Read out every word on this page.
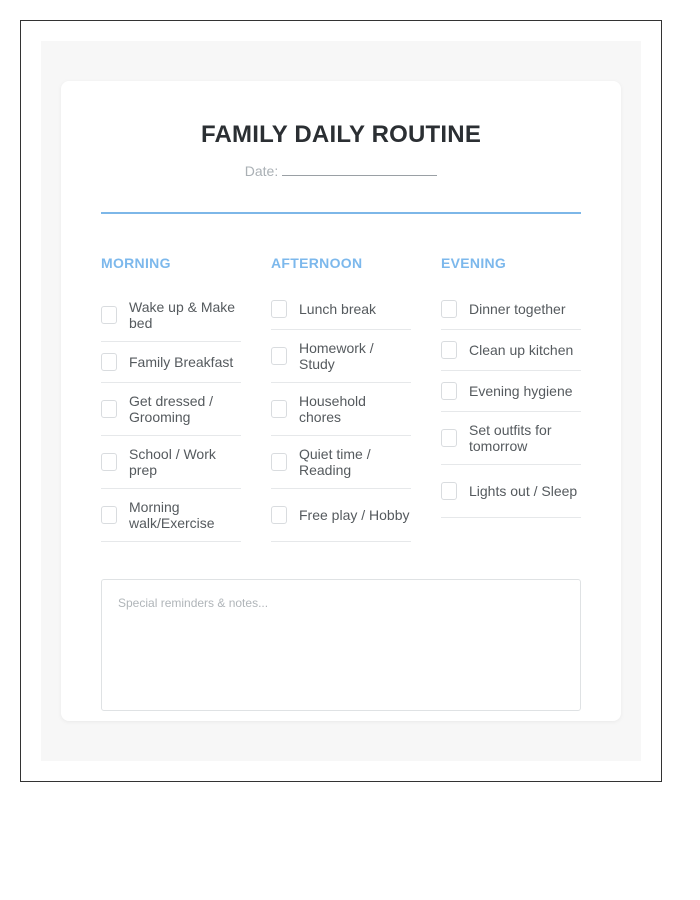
FAMILY DAILY ROUTINE
Date:
MORNING
Wake up & Make bed
Family Breakfast
Get dressed / Grooming
School / Work prep
Morning walk/Exercise
AFTERNOON
Lunch break
Homework / Study
Household chores
Quiet time / Reading
Free play / Hobby
EVENING
Dinner together
Clean up kitchen
Evening hygiene
Set outfits for tomorrow
Lights out / Sleep
Special reminders & notes...
